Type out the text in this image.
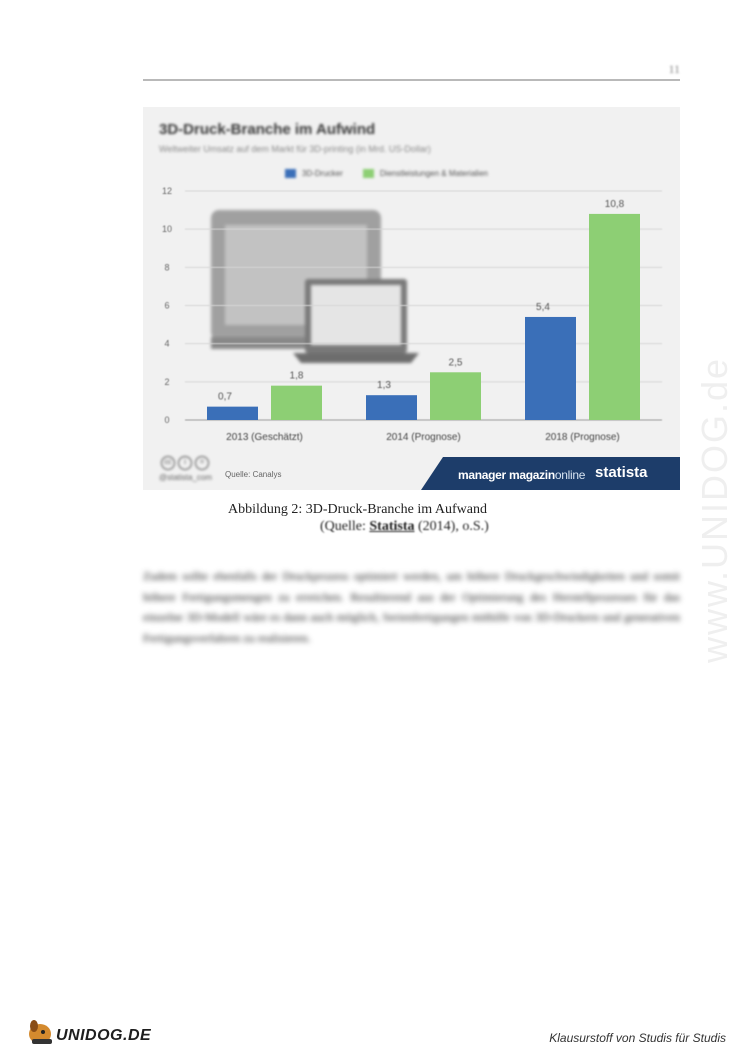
11
3D-Druck-Branche im Aufwind
Weltweiter Umsatz auf dem Markt für 3D-printing (in Mrd. US-Dollar)
3D-Drucker	Dienstleistungen & Materialien
0
2
4
6
8
10
12
0,7
1,8
2013 (Geschätzt)
1,3
2,5
2014 (Prognose)
5,4
10,8
2018 (Prognose)
manager magazinonline statista
cc	i	=
@statista_com Quelle: Canalys
Abbildung 2: 3D-Druck-Branche im Aufwand
(Quelle: Statista (2014), o.S.)
Zudem sollte ebenfalls der Druckprozess optimiert werden, um höhere Druckgeschwindigkeiten und somit höhere Fertigungsmengen zu erreichen. Resultierend aus der Optimierung des Herstellprozesses für das einzelne 3D-Modell wäre es dann auch möglich, Serienfertigungen mithilfe von 3D-Druckern und generativen Fertigungsverfahren zu realisieren.	www.UNIDOG.de
UNIDOG.DE	Klausurstoff von Studis für Studis
